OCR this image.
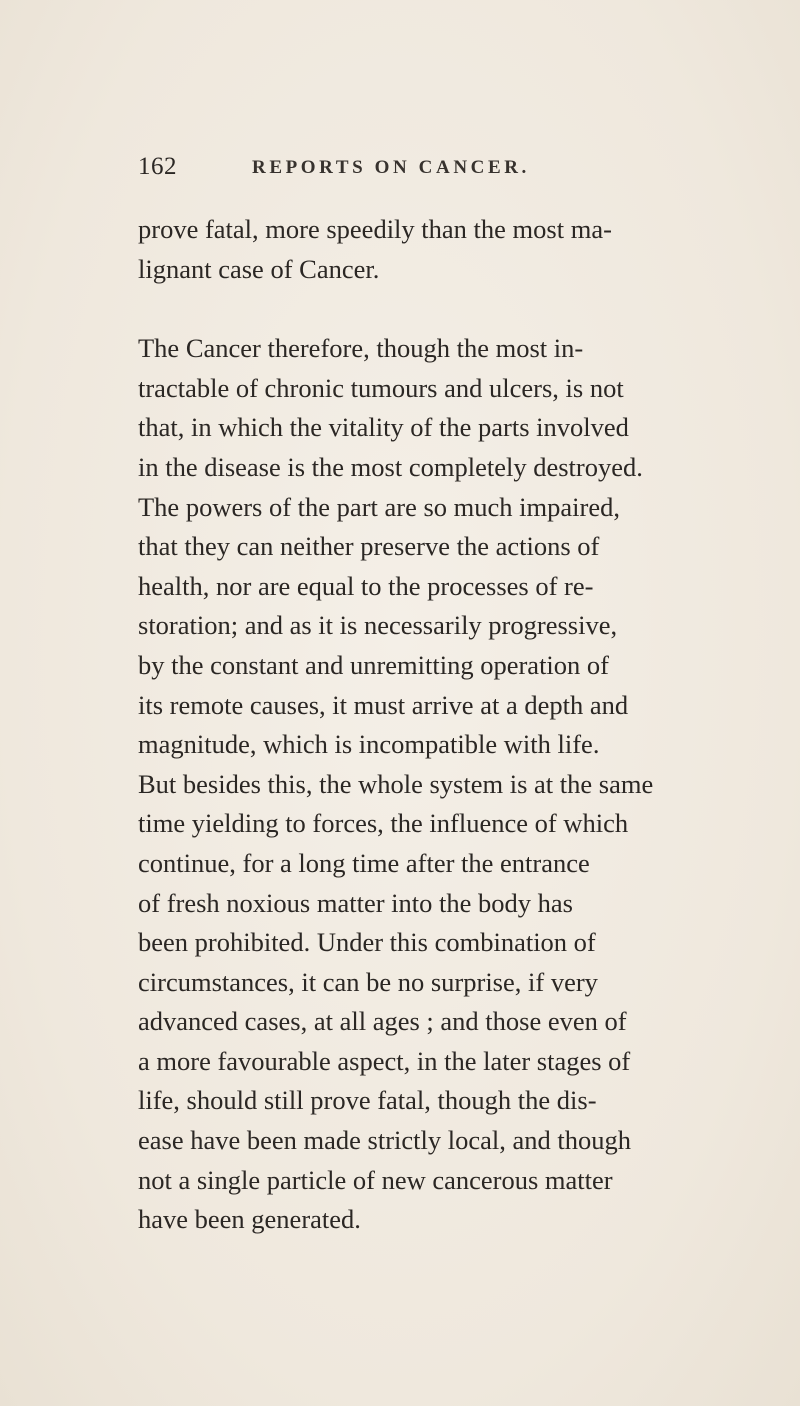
162	REPORTS ON CANCER.
prove fatal, more speedily than the most ma-
lignant case of Cancer.
The Cancer therefore, though the most in-
tractable of chronic tumours and ulcers, is not
that, in which the vitality of the parts involved
in the disease is the most completely destroyed.
The powers of the part are so much impaired,
that they can neither preserve the actions of
health, nor are equal to the processes of re-
storation; and as it is necessarily progressive,
by the constant and unremitting operation of
its remote causes, it must arrive at a depth and
magnitude, which is incompatible with life.
But besides this, the whole system is at the same
time yielding to forces, the influence of which
continue, for a long time after the entrance
of fresh noxious matter into the body has
been prohibited. Under this combination of
circumstances, it can be no surprise, if very
advanced cases, at all ages ; and those even of
a more favourable aspect, in the later stages of
life, should still prove fatal, though the dis-
ease have been made strictly local, and though
not a single particle of new cancerous matter
have been generated.
